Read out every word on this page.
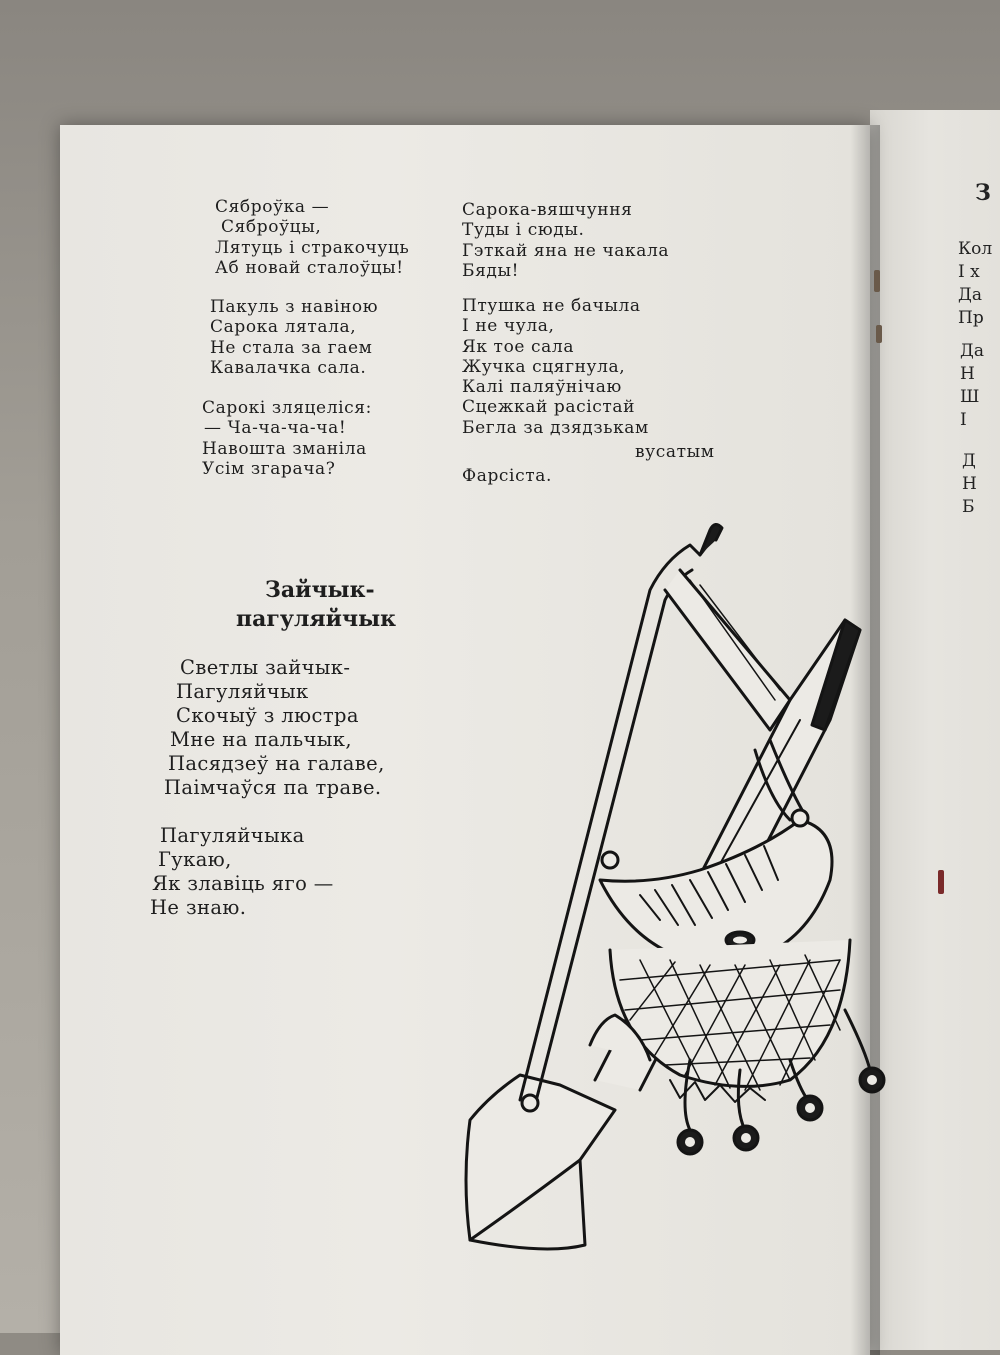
Сяброўка —
Сяброўцы,
Лятуць і стракочуць
Аб новай сталоўцы!
Пакуль з навіною
Сарока лятала,
Не стала за гаем
Кавалачка сала.
Сарокі зляцеліся:
— Ча-ча-ча-ча!
Навошта зманіла
Усім згарача?
Сарока-вяшчуння
Туды і сюды.
Гэткай яна не чакала
Бяды!
Птушка не бачыла
І не чула,
Як тое сала
Жучка сцягнула,
Калі паляўнічаю
Сцежкай расістай
Бегла за дзядзькам
вусатым
Фарсіста.
Зайчык-
пагуляйчык
Светлы зайчык-
Пагуляйчык
Скочыў з люстра
Мне на пальчык,
Пасядзеў на галаве,
Паімчаўся па траве.
Пагуляйчыка
Гукаю,
Як злавіць яго —
Не знаю.
З
Кол
І х
Да
Пр
Да
Н
Ш
І
Д
Н
Б
